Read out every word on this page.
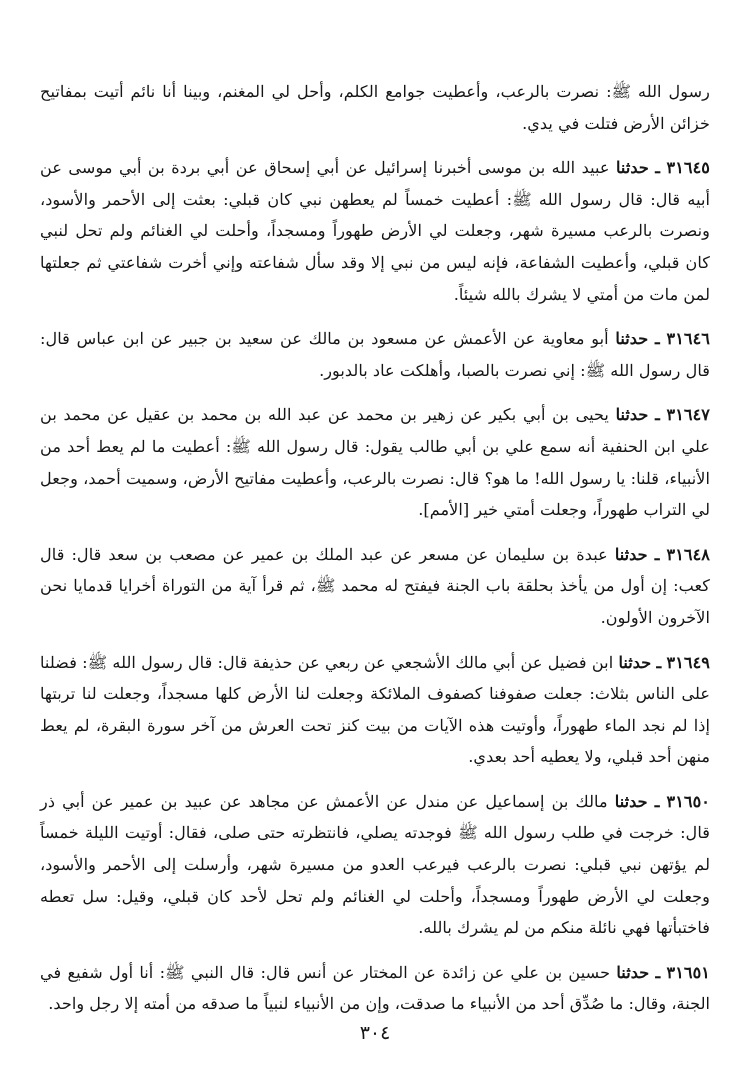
رسول الله ﷺ: نصرت بالرعب، وأعطيت جوامع الكلم، وأحل لي المغنم، وبينا أنا نائم أتيت بمفاتيح خزائن الأرض فتلت في يدي.

٣١٦٤٥ ـ حدثنا عبيد الله بن موسى أخبرنا إسرائيل عن أبي إسحاق عن أبي بردة بن أبي موسى عن أبيه قال: قال رسول الله ﷺ: أعطيت خمساً لم يعطهن نبي كان قبلي: بعثت إلى الأحمر والأسود، ونصرت بالرعب مسيرة شهر، وجعلت لي الأرض طهوراً ومسجداً، وأحلت لي الغنائم ولم تحل لنبي كان قبلي، وأعطيت الشفاعة، فإنه ليس من نبي إلا وقد سأل شفاعته وإني أخرت شفاعتي ثم جعلتها لمن مات من أمتي لا يشرك بالله شيئاً.

٣١٦٤٦ ـ حدثنا أبو معاوية عن الأعمش عن مسعود بن مالك عن سعيد بن جبير عن ابن عباس قال: قال رسول الله ﷺ: إني نصرت بالصبا، وأهلكت عاد بالدبور.

٣١٦٤٧ ـ حدثنا يحيى بن أبي بكير عن زهير بن محمد عن عبد الله بن محمد بن عقيل عن محمد بن علي ابن الحنفية أنه سمع علي بن أبي طالب يقول: قال رسول الله ﷺ: أعطيت ما لم يعط أحد من الأنبياء، قلنا: يا رسول الله! ما هو؟ قال: نصرت بالرعب، وأعطيت مفاتيح الأرض، وسميت أحمد، وجعل لي التراب طهوراً، وجعلت أمتي خير [الأمم].

٣١٦٤٨ ـ حدثنا عبدة بن سليمان عن مسعر عن عبد الملك بن عمير عن مصعب بن سعد قال: قال كعب: إن أول من يأخذ بحلقة باب الجنة فيفتح له محمد ﷺ، ثم قرأ آية من التوراة أخرايا قدمايا نحن الآخرون الأولون.

٣١٦٤٩ ـ حدثنا ابن فضيل عن أبي مالك الأشجعي عن ربعي عن حذيفة قال: قال رسول الله ﷺ: فضلنا على الناس بثلاث: جعلت صفوفنا كصفوف الملائكة وجعلت لنا الأرض كلها مسجداً، وجعلت لنا تربتها إذا لم نجد الماء طهوراً، وأوتيت هذه الآيات من بيت كنز تحت العرش من آخر سورة البقرة، لم يعط منهن أحد قبلي، ولا يعطيه أحد بعدي.

٣١٦٥٠ ـ حدثنا مالك بن إسماعيل عن مندل عن الأعمش عن مجاهد عن عبيد بن عمير عن أبي ذر قال: خرجت في طلب رسول الله ﷺ فوجدته يصلي، فانتظرته حتى صلى، فقال: أوتيت الليلة خمساً لم يؤتهن نبي قبلي: نصرت بالرعب فيرعب العدو من مسيرة شهر، وأرسلت إلى الأحمر والأسود، وجعلت لي الأرض طهوراً ومسجداً، وأحلت لي الغنائم ولم تحل لأحد كان قبلي، وقيل: سل تعطه فاختبأتها فهي نائلة منكم من لم يشرك بالله.

٣١٦٥١ ـ حدثنا حسين بن علي عن زائدة عن المختار عن أنس قال: قال النبي ﷺ: أنا أول شفيع في الجنة، وقال: ما صُدِّق أحد من الأنبياء ما صدقت، وإن من الأنبياء لنبياً ما صدقه من أمته إلا رجل واحد.

٣٠٤
